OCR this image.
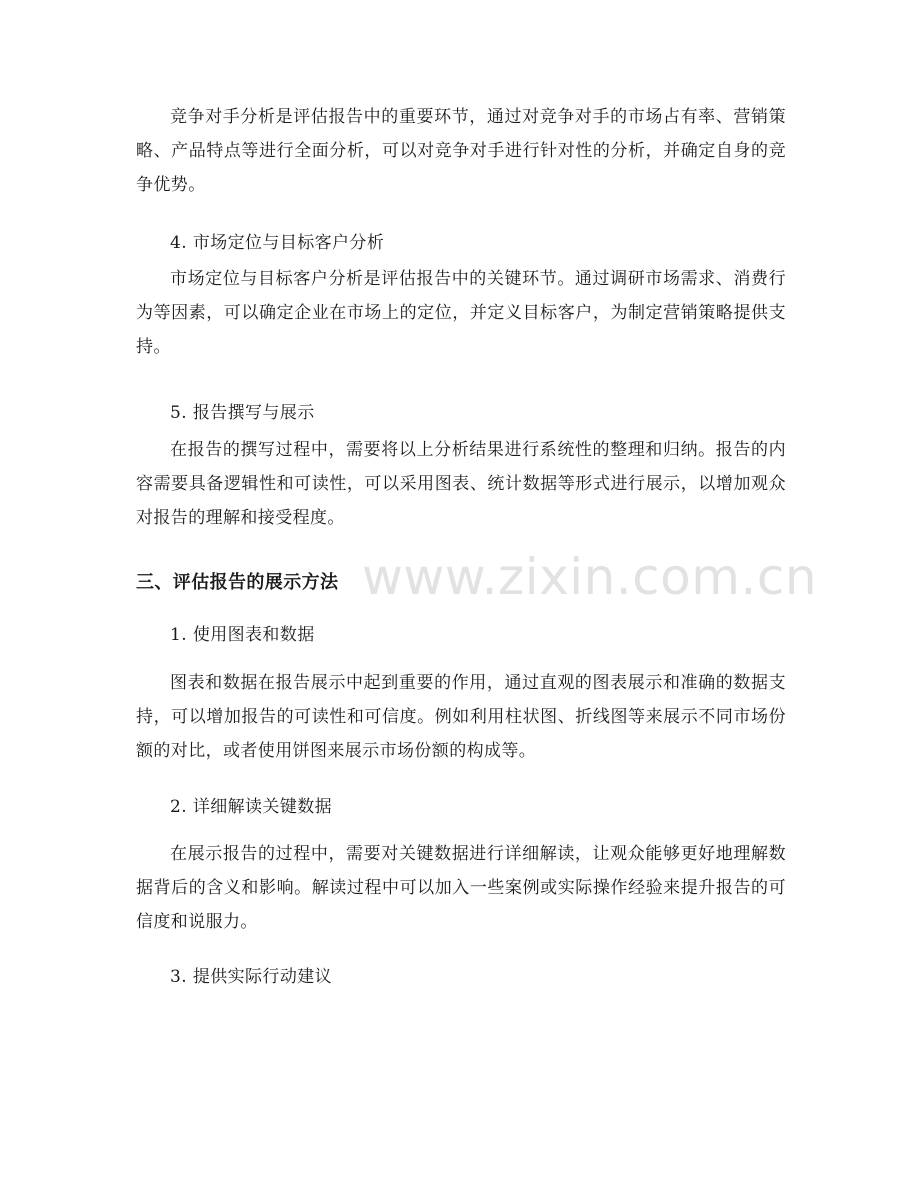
竞争对手分析是评估报告中的重要环节，通过对竞争对手的市场占有率、营销策略、产品特点等进行全面分析，可以对竞争对手进行针对性的分析，并确定自身的竞争优势。
4. 市场定位与目标客户分析
市场定位与目标客户分析是评估报告中的关键环节。通过调研市场需求、消费行为等因素，可以确定企业在市场上的定位，并定义目标客户，为制定营销策略提供支持。
5. 报告撰写与展示
在报告的撰写过程中，需要将以上分析结果进行系统性的整理和归纳。报告的内容需要具备逻辑性和可读性，可以采用图表、统计数据等形式进行展示，以增加观众对报告的理解和接受程度。
三、评估报告的展示方法
1. 使用图表和数据
图表和数据在报告展示中起到重要的作用，通过直观的图表展示和准确的数据支持，可以增加报告的可读性和可信度。例如利用柱状图、折线图等来展示不同市场份额的对比，或者使用饼图来展示市场份额的构成等。
2. 详细解读关键数据
在展示报告的过程中，需要对关键数据进行详细解读，让观众能够更好地理解数据背后的含义和影响。解读过程中可以加入一些案例或实际操作经验来提升报告的可信度和说服力。
3. 提供实际行动建议
www.zixin.com.cn
